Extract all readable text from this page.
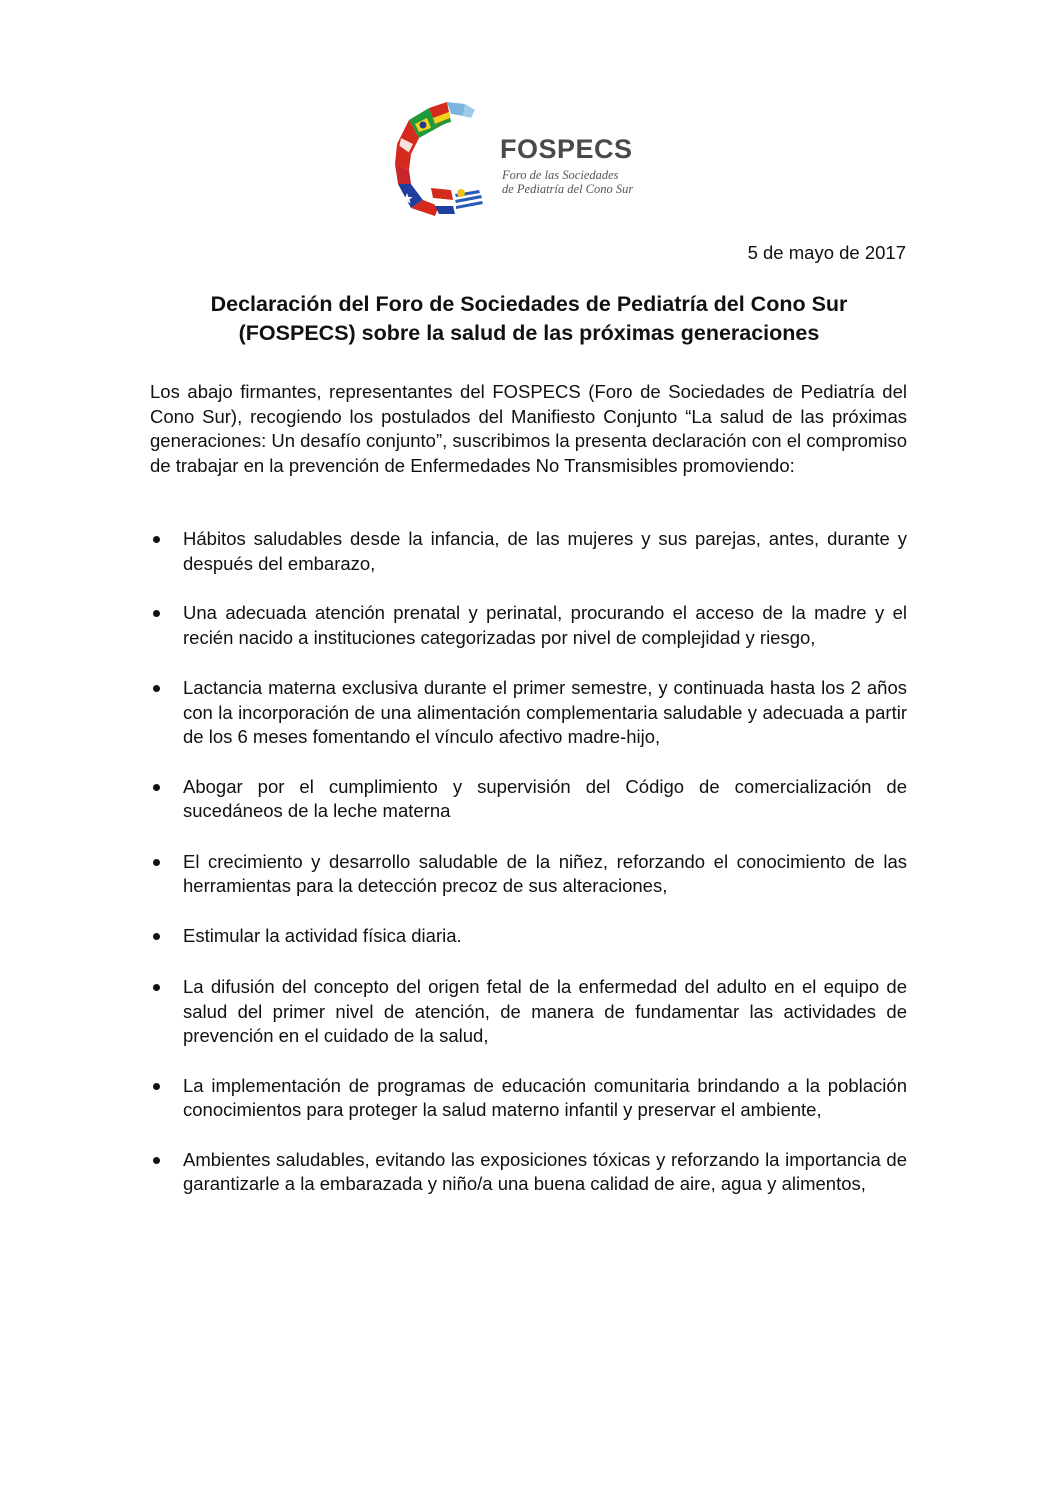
FOSPECS
Foro de las Sociedades
de Pediatría del Cono Sur
5 de mayo de 2017
Declaración del Foro de Sociedades de Pediatría del Cono Sur
(FOSPECS) sobre la salud de las próximas generaciones

Los abajo firmantes, representantes del FOSPECS (Foro de Sociedades de Pediatría del Cono Sur), recogiendo los postulados del Manifiesto Conjunto “La salud de las próximas generaciones: Un desafío conjunto”, suscribimos la presenta declaración con el compromiso de trabajar en la prevención de Enfermedades No Transmisibles promoviendo:

Hábitos saludables desde la infancia, de las mujeres y sus parejas, antes, durante y después del embarazo,
Una adecuada atención prenatal y perinatal, procurando el acceso de la madre y el recién nacido a instituciones categorizadas por nivel de complejidad y riesgo,
Lactancia materna exclusiva durante el primer semestre, y continuada hasta los 2 años con la incorporación de una alimentación complementaria saludable y adecuada a partir de los 6 meses fomentando el vínculo afectivo madre-hijo,
Abogar por el cumplimiento y supervisión del Código de comercialización de sucedáneos de la leche materna
El crecimiento y desarrollo saludable de la niñez, reforzando el conocimiento de las herramientas para la detección precoz de sus alteraciones,
Estimular la actividad física diaria.
La difusión del concepto del origen fetal de la enfermedad del adulto en el equipo de salud del primer nivel de atención, de manera de fundamentar las actividades de prevención en el cuidado de la salud,
La implementación de programas de educación comunitaria brindando a la población conocimientos para proteger la salud materno infantil y preservar el ambiente,
Ambientes saludables, evitando las exposiciones tóxicas y reforzando la importancia de garantizarle a la embarazada y niño/a una buena calidad de aire, agua y alimentos,
